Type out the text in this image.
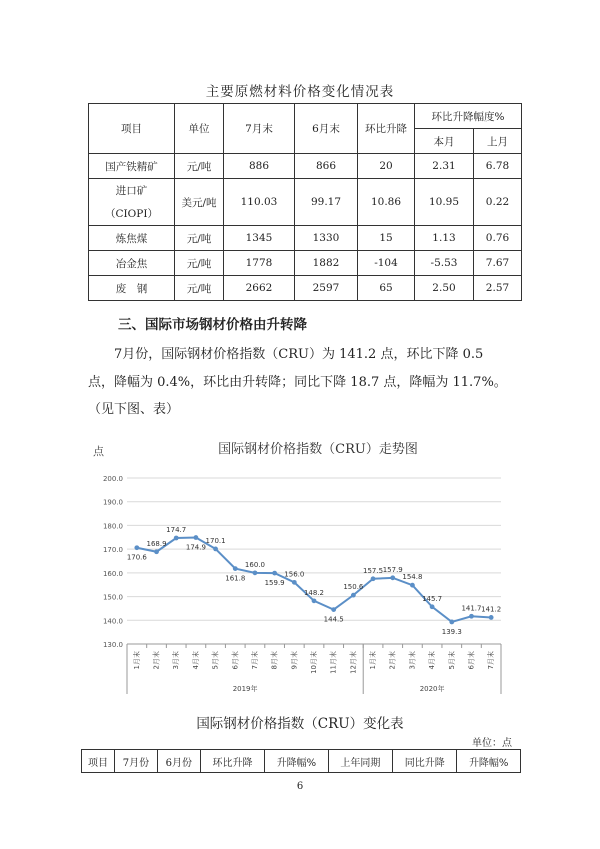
主要原燃材料价格变化情况表
项目	单位	7月末	6月末	环比升降	环比升降幅度%	
					本月	上月
国产铁精矿	元/吨	886	866	20	2.31	6.78

进口矿
（CIOPI）	美元/吨	110.03	99.17	10.86	10.95	0.22
炼焦煤	元/吨	1345	1330	15	1.13	0.76
冶金焦	元/吨	1778	1882	-104	-5.53	7.67
废　钢	元/吨	2662	2597	65	2.50	2.57
三、国际市场钢材价格由升转降
7月份，国际钢材价格指数（CRU）为 141.2 点，环比下降 0.5
点，降幅为 0.4%，环比由升转降；同比下降 18.7 点，降幅为 11.7%。
（见下图、表）
点	国际钢材价格指数（CRU）走势图
130.0
140.0
150.0
160.0
170.0
180.0
190.0
200.0
170.6
168.9
174.7
174.9
170.1
161.8
160.0
159.9
156.0
148.2
144.5
150.6
157.5 157.9
154.8
145.7
139.3
141.7 141.2
1月末 2月末 3月末 4月末 5月末 6月末 7月末 8月末 9月末 10月末 11月末 12月末 1月末 2月末 3月末 4月末 5月末 6月末 7月末
2019年	2020年
国际钢材价格指数（CRU）变化表
单位：点
项目	7月份	6月份	环比升降	升降幅%	上年同期	同比升降	升降幅%
6
